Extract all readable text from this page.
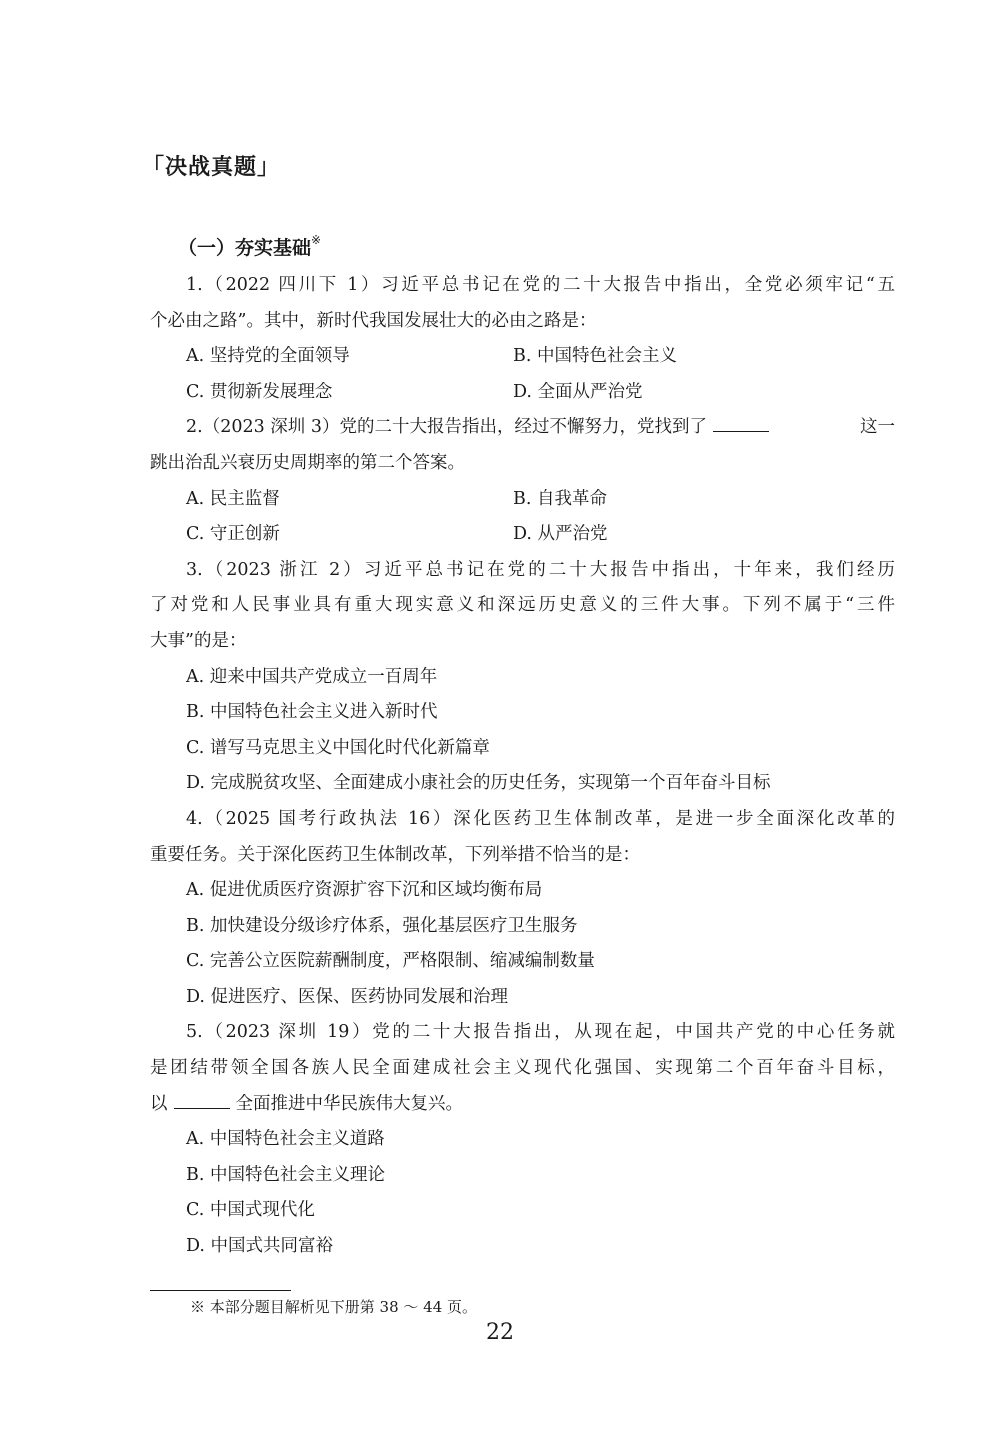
「决战真题」
（一）夯实基础※
1.（2022 四川下 1）习近平总书记在党的二十大报告中指出，全党必须牢记“五
个必由之路”。其中，新时代我国发展壮大的必由之路是：
A. 坚持党的全面领导	B. 中国特色社会主义
C. 贯彻新发展理念	D. 全面从严治党
2.（2023 深圳 3）党的二十大报告指出，经过不懈努力，党找到了	这一
跳出治乱兴衰历史周期率的第二个答案。
A. 民主监督	B. 自我革命
C. 守正创新	D. 从严治党
3.（2023 浙江 2）习近平总书记在党的二十大报告中指出，十年来，我们经历
了对党和人民事业具有重大现实意义和深远历史意义的三件大事。下列不属于“三件
大事”的是：
A. 迎来中国共产党成立一百周年
B. 中国特色社会主义进入新时代
C. 谱写马克思主义中国化时代化新篇章
D. 完成脱贫攻坚、全面建成小康社会的历史任务，实现第一个百年奋斗目标
4.（2025 国考行政执法 16）深化医药卫生体制改革，是进一步全面深化改革的
重要任务。关于深化医药卫生体制改革，下列举措不恰当的是：
A. 促进优质医疗资源扩容下沉和区域均衡布局
B. 加快建设分级诊疗体系，强化基层医疗卫生服务
C. 完善公立医院薪酬制度，严格限制、缩减编制数量
D. 促进医疗、医保、医药协同发展和治理
5.（2023 深圳 19）党的二十大报告指出，从现在起，中国共产党的中心任务就
是团结带领全国各族人民全面建成社会主义现代化强国、实现第二个百年奋斗目标，
以	全面推进中华民族伟大复兴。
A. 中国特色社会主义道路
B. 中国特色社会主义理论
C. 中国式现代化
D. 中国式共同富裕
※ 本部分题目解析见下册第 38 ～ 44 页。
22
